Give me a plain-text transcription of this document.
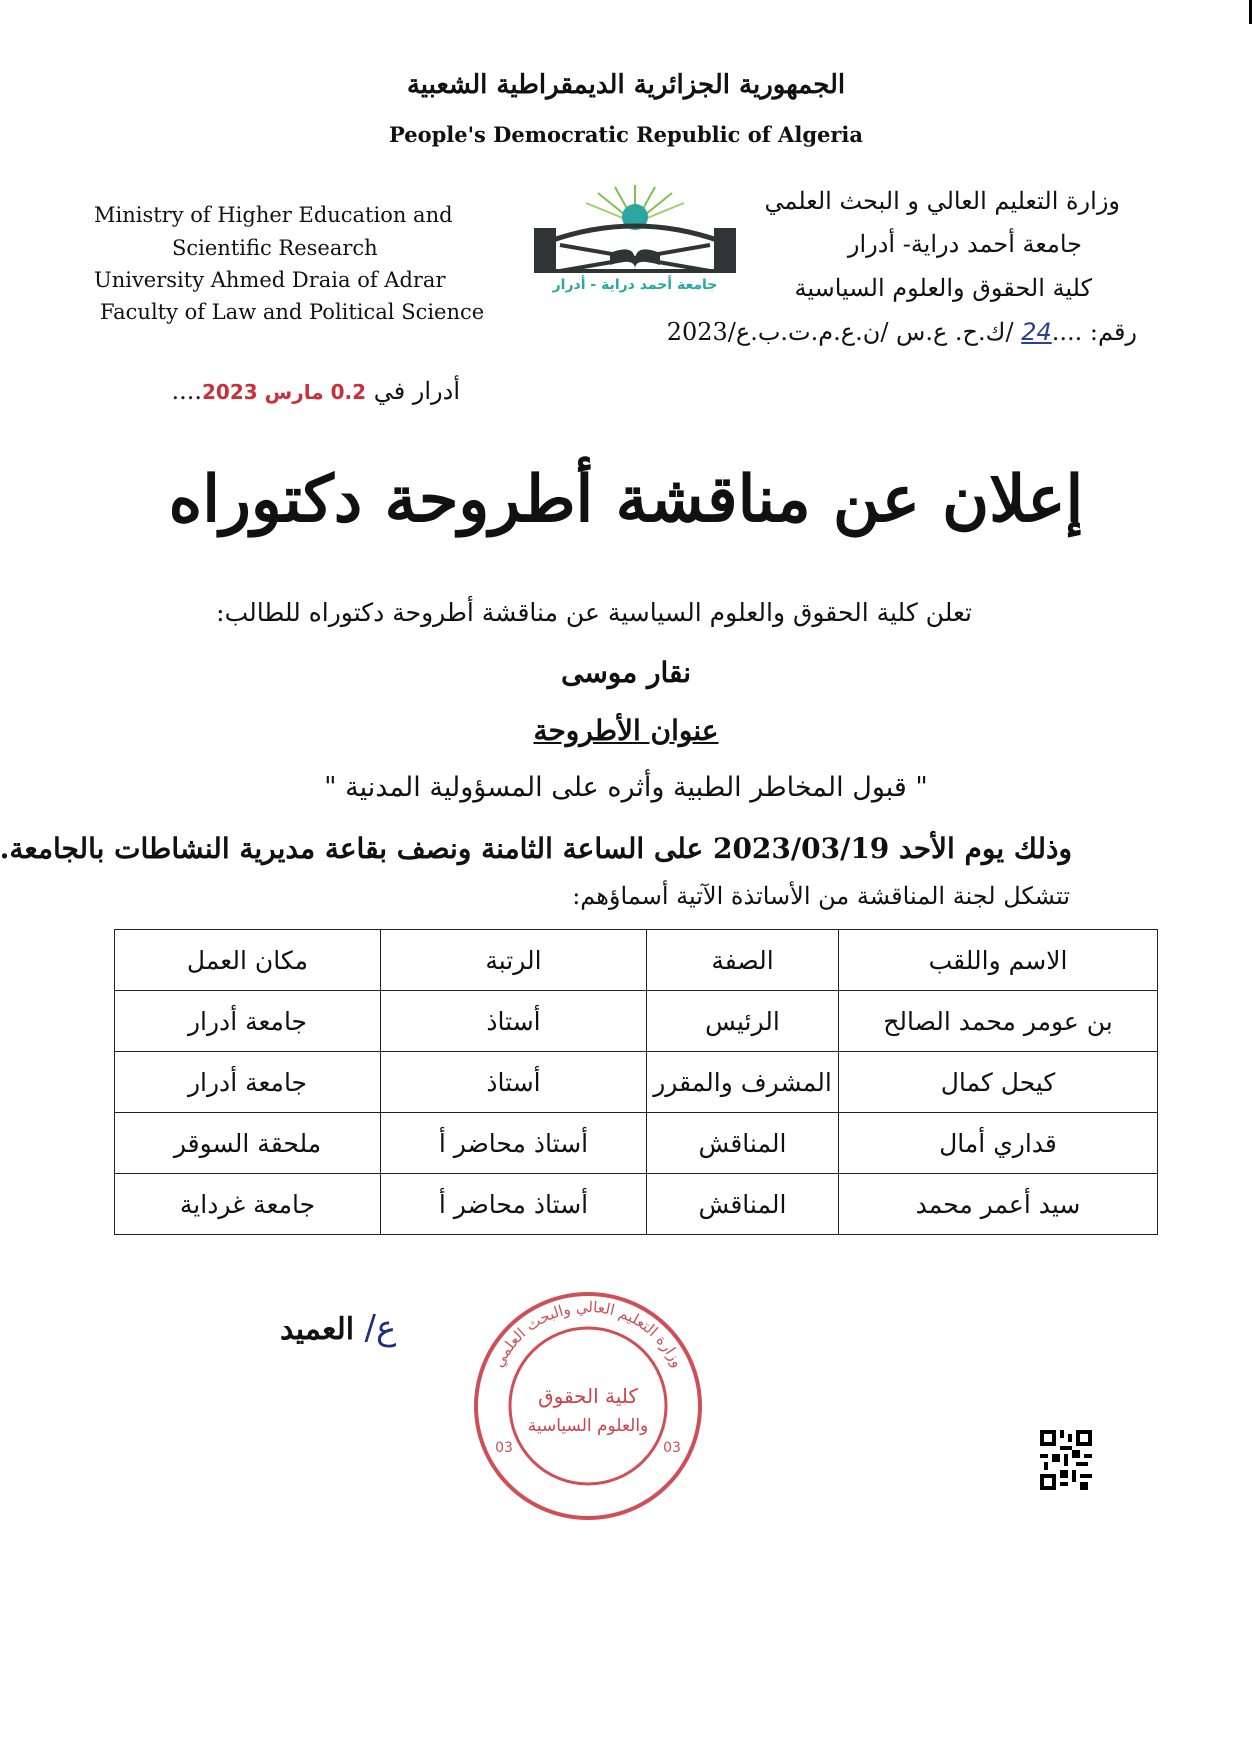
الجمهورية الجزائرية الديمقراطية الشعبية
People's Democratic Republic of Algeria
Ministry of Higher Education and
Scientific Research
University Ahmed Draia of Adrar
Faculty of Law and Political Science
جامعة أحمد دراية - أدرار
وزارة التعليم العالي و البحث العلمي
جامعة أحمد دراية- أدرار
كلية الحقوق والعلوم السياسية
رقم: ....24 /ك.ح. ع.س /ن.ع.م.ت.ب.ع/2023
أدرار في 0.2 مارس 2023....
إعلان عن مناقشة أطروحة دكتوراه
تعلن كلية الحقوق والعلوم السياسية عن مناقشة أطروحة دكتوراه للطالب:
نقار موسى
عنوان الأطروحة
" قبول المخاطر الطبية وأثره على المسؤولية المدنية "
وذلك يوم الأحد 2023/03/19 على الساعة الثامنة ونصف بقاعة مديرية النشاطات بالجامعة.
تتشكل لجنة المناقشة من الأساتذة الآتية أسماؤهم:
الاسم واللقب	الصفة	الرتبة	مكان العمل
بن عومر محمد الصالح	الرئيس	أستاذ	جامعة أدرار
كيحل كمال	المشرف والمقرر	أستاذ	جامعة أدرار
قداري أمال	المناقش	أستاذ محاضر أ	ملحقة السوقر
سيد أعمر محمد	المناقش	أستاذ محاضر أ	جامعة غرداية
ع/ العميد
وزارة التعليم العالي والبحث العلمي
كلية الحقوق
والعلوم السياسية
03	03
